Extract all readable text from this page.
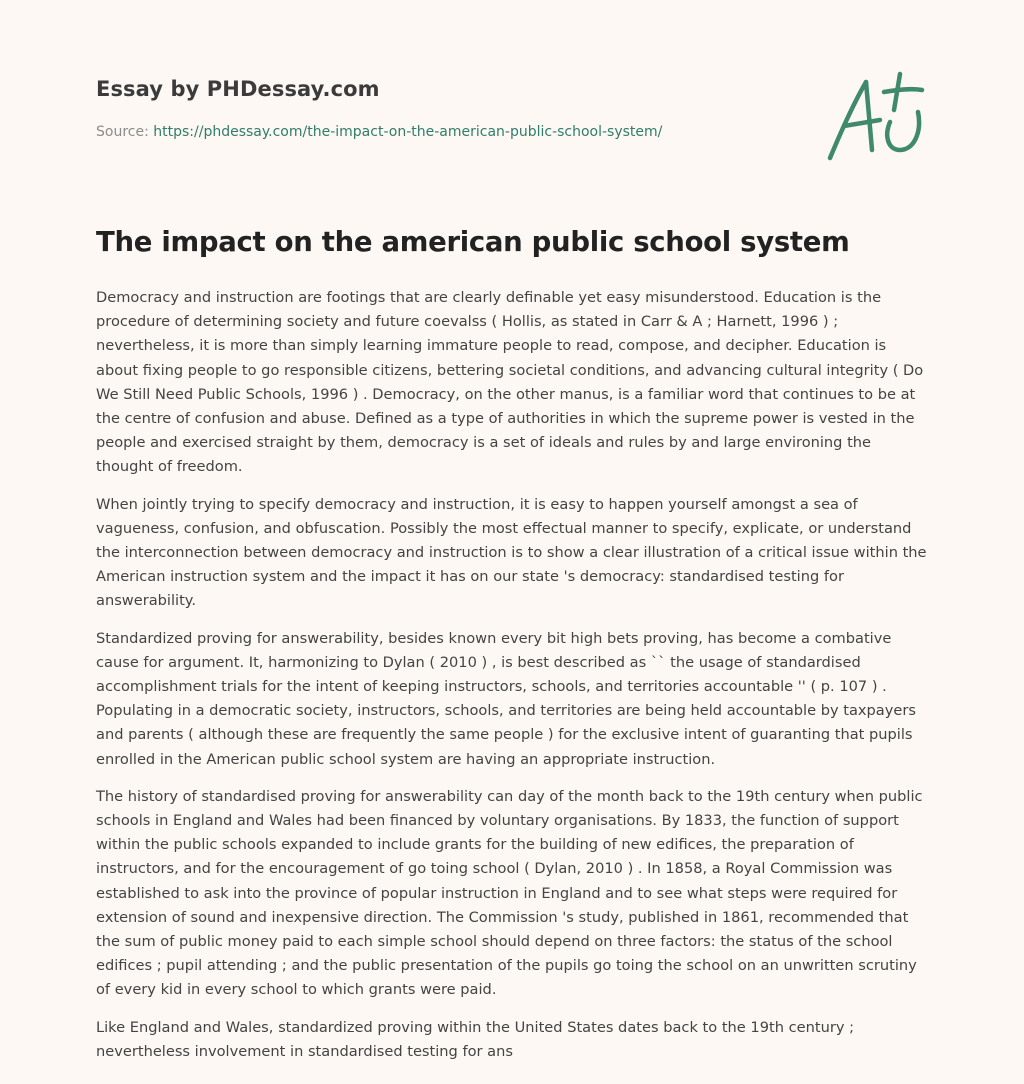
Essay by PHDessay.com
Source: https://phdessay.com/the-impact-on-the-american-public-school-system/
The impact on the american public school system

Democracy and instruction are footings that are clearly definable yet easy misunderstood. Education is the procedure of determining society and future coevalss ( Hollis, as stated in Carr & A ; Harnett, 1996 ) ; nevertheless, it is more than simply learning immature people to read, compose, and decipher. Education is about fixing people to go responsible citizens, bettering societal conditions, and advancing cultural integrity ( Do We Still Need Public Schools, 1996 ) . Democracy, on the other manus, is a familiar word that continues to be at the centre of confusion and abuse. Defined as a type of authorities in which the supreme power is vested in the people and exercised straight by them, democracy is a set of ideals and rules by and large environing the thought of freedom.

When jointly trying to specify democracy and instruction, it is easy to happen yourself amongst a sea of vagueness, confusion, and obfuscation. Possibly the most effectual manner to specify, explicate, or understand the interconnection between democracy and instruction is to show a clear illustration of a critical issue within the American instruction system and the impact it has on our state 's democracy: standardised testing for answerability.

Standardized proving for answerability, besides known every bit high bets proving, has become a combative cause for argument. It, harmonizing to Dylan ( 2010 ) , is best described as `` the usage of standardised accomplishment trials for the intent of keeping instructors, schools, and territories accountable '' ( p. 107 ) . Populating in a democratic society, instructors, schools, and territories are being held accountable by taxpayers and parents ( although these are frequently the same people ) for the exclusive intent of guaranting that pupils enrolled in the American public school system are having an appropriate instruction.

The history of standardised proving for answerability can day of the month back to the 19th century when public schools in England and Wales had been financed by voluntary organisations. By 1833, the function of support within the public schools expanded to include grants for the building of new edifices, the preparation of instructors, and for the encouragement of go toing school ( Dylan, 2010 ) . In 1858, a Royal Commission was established to ask into the province of popular instruction in England and to see what steps were required for extension of sound and inexpensive direction. The Commission 's study, published in 1861, recommended that the sum of public money paid to each simple school should depend on three factors: the status of the school edifices ; pupil attending ; and the public presentation of the pupils go toing the school on an unwritten scrutiny of every kid in every school to which grants were paid.

Like England and Wales, standardized proving within the United States dates back to the 19th century ; nevertheless involvement in standardised testing for ans
